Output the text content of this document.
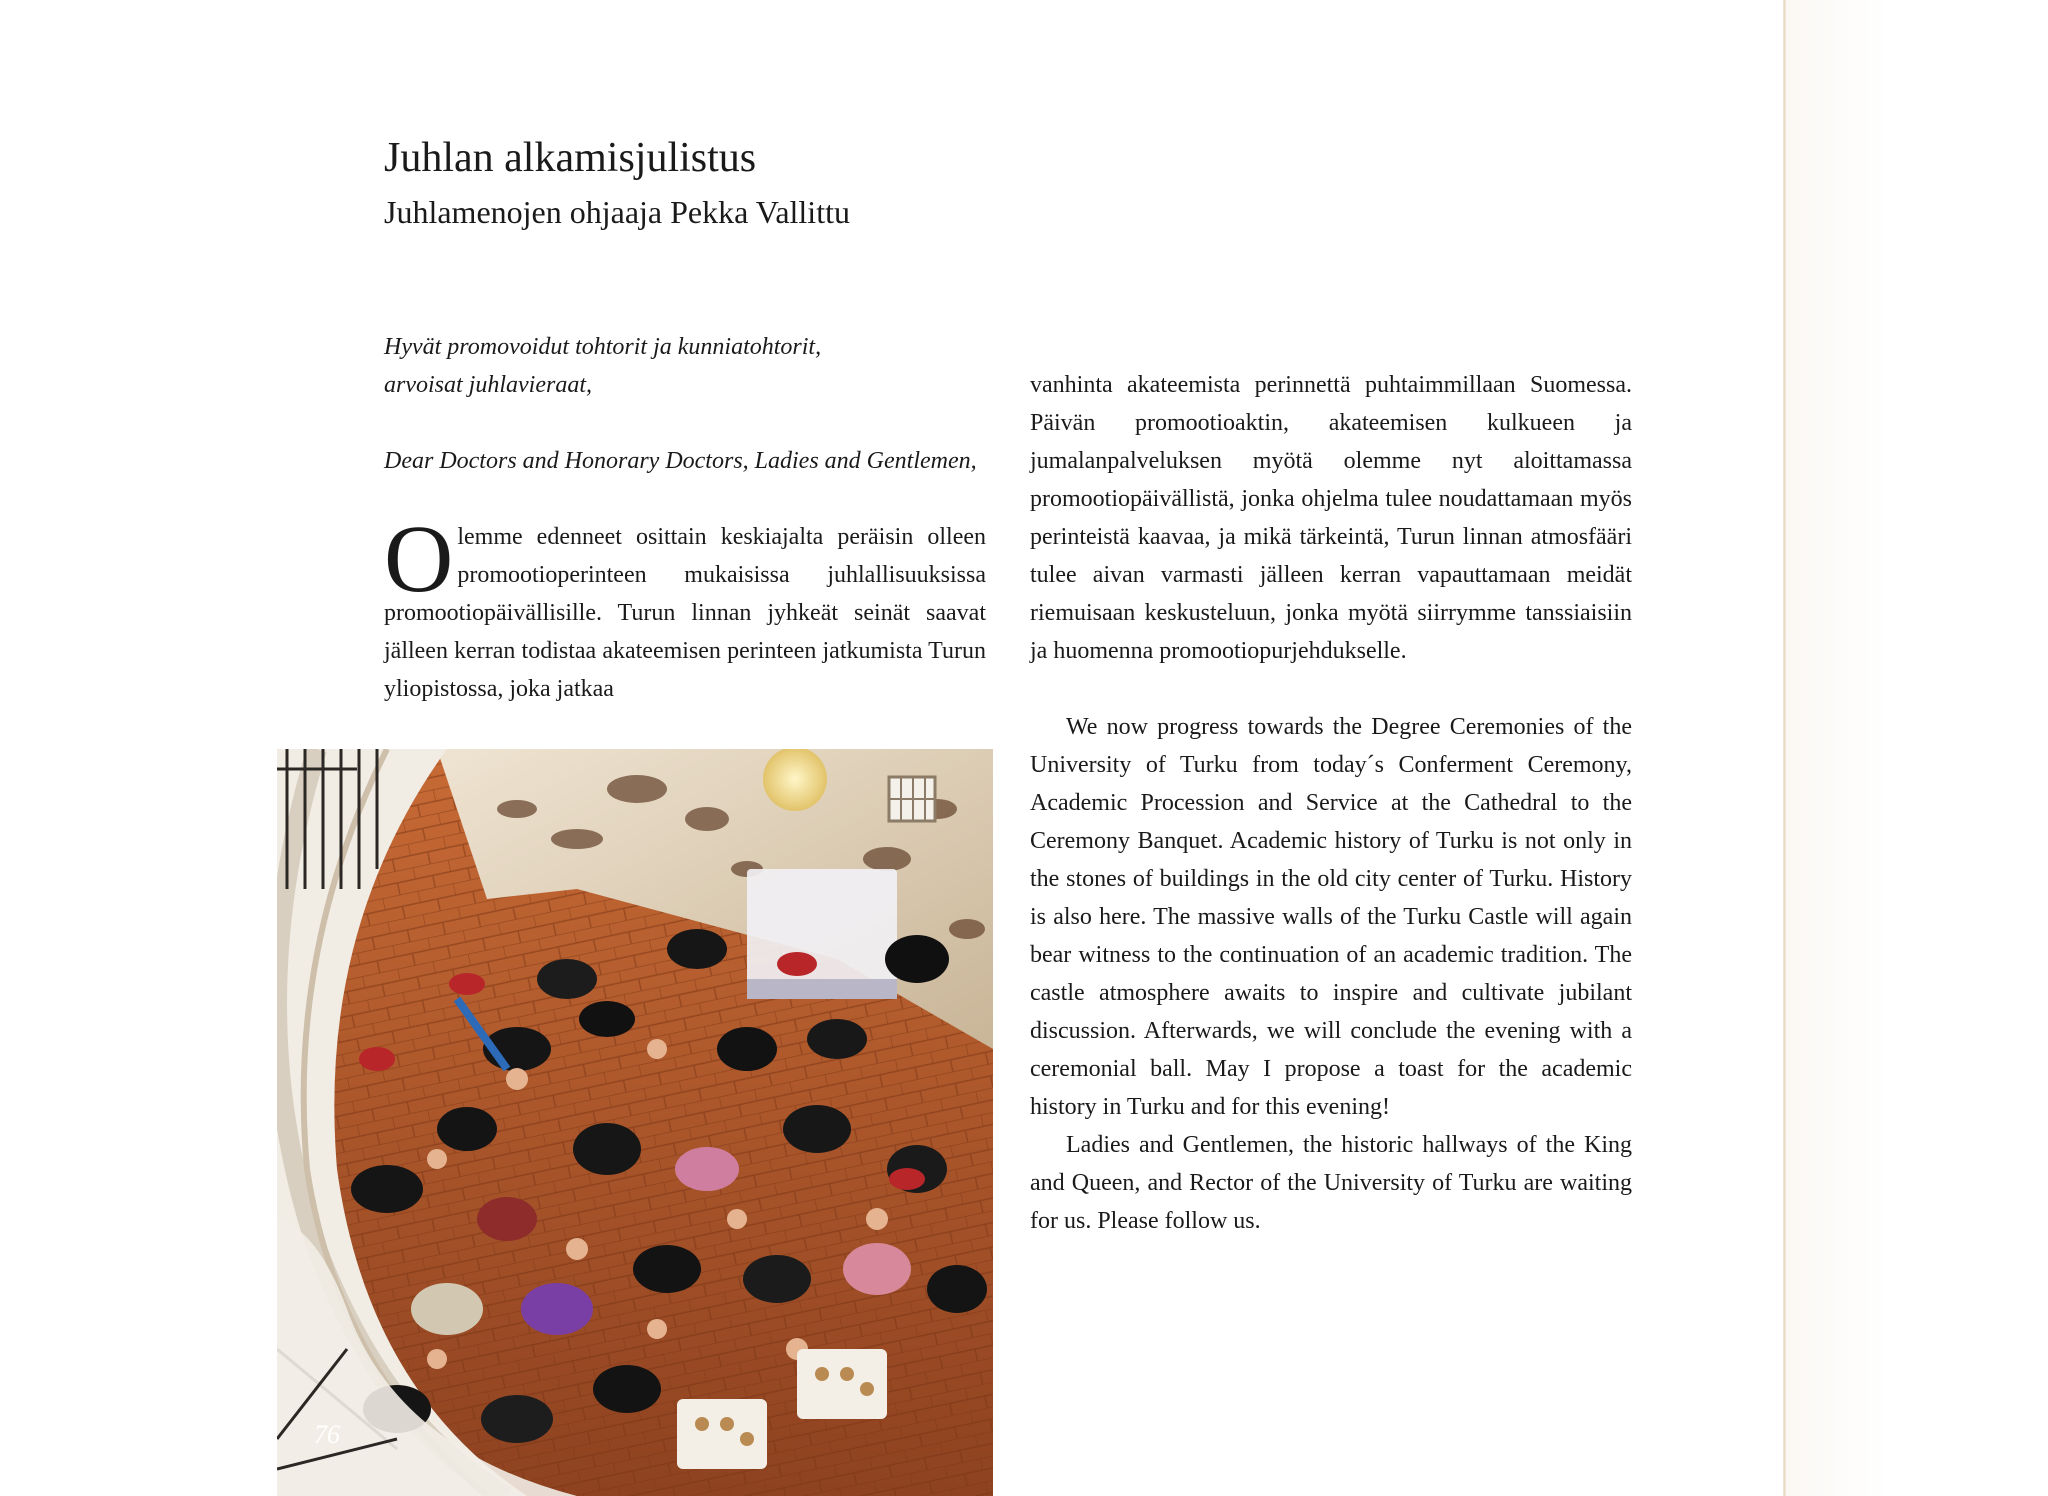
Juhlan alkamisjulistus
Juhlamenojen ohjaaja Pekka Vallittu

Hyvät promovoidut tohtorit ja kunniatohtorit,

arvoisat juhlavieraat,

Dear Doctors and Honorary Doctors, Ladies and Gentlemen,

Olemme edenneet osittain keskiajalta peräisin olleen promootioperinteen mukaisissa juhlallisuuksissa promootiopäivällisille. Turun linnan jyhkeät seinät saavat jälleen kerran todistaa akateemisen perinteen jatkumista Turun yliopistossa, joka jatkaa

vanhinta akateemista perinnettä puhtaimmillaan Suomessa. Päivän promootioaktin, akateemisen kulkueen ja jumalanpalveluksen myötä olemme nyt aloittamassa promootiopäivällistä, jonka ohjelma tulee noudattamaan myös perinteistä kaavaa, ja mikä tärkeintä, Turun linnan atmosfääri tulee aivan varmasti jälleen kerran vapauttamaan meidät riemuisaan keskusteluun, jonka myötä siirrymme tanssiaisiin ja huomenna promootiopurjehdukselle.

We now progress towards the Degree Ceremonies of the University of Turku from today´s Conferment Ceremony, Academic Procession and Service at the Cathedral to the Ceremony Banquet. Academic history of Turku is not only in the stones of buildings in the old city center of Turku. History is also here. The massive walls of the Turku Castle will again bear witness to the continuation of an academic tradition. The castle atmosphere awaits to inspire and cultivate jubilant discussion. Afterwards, we will conclude the evening with a ceremonial ball. May I propose a toast for the academic history in Turku and for this evening!

Ladies and Gentlemen, the historic hallways of the King and Queen, and Rector of the University of Turku are waiting for us. Please follow us.

76
